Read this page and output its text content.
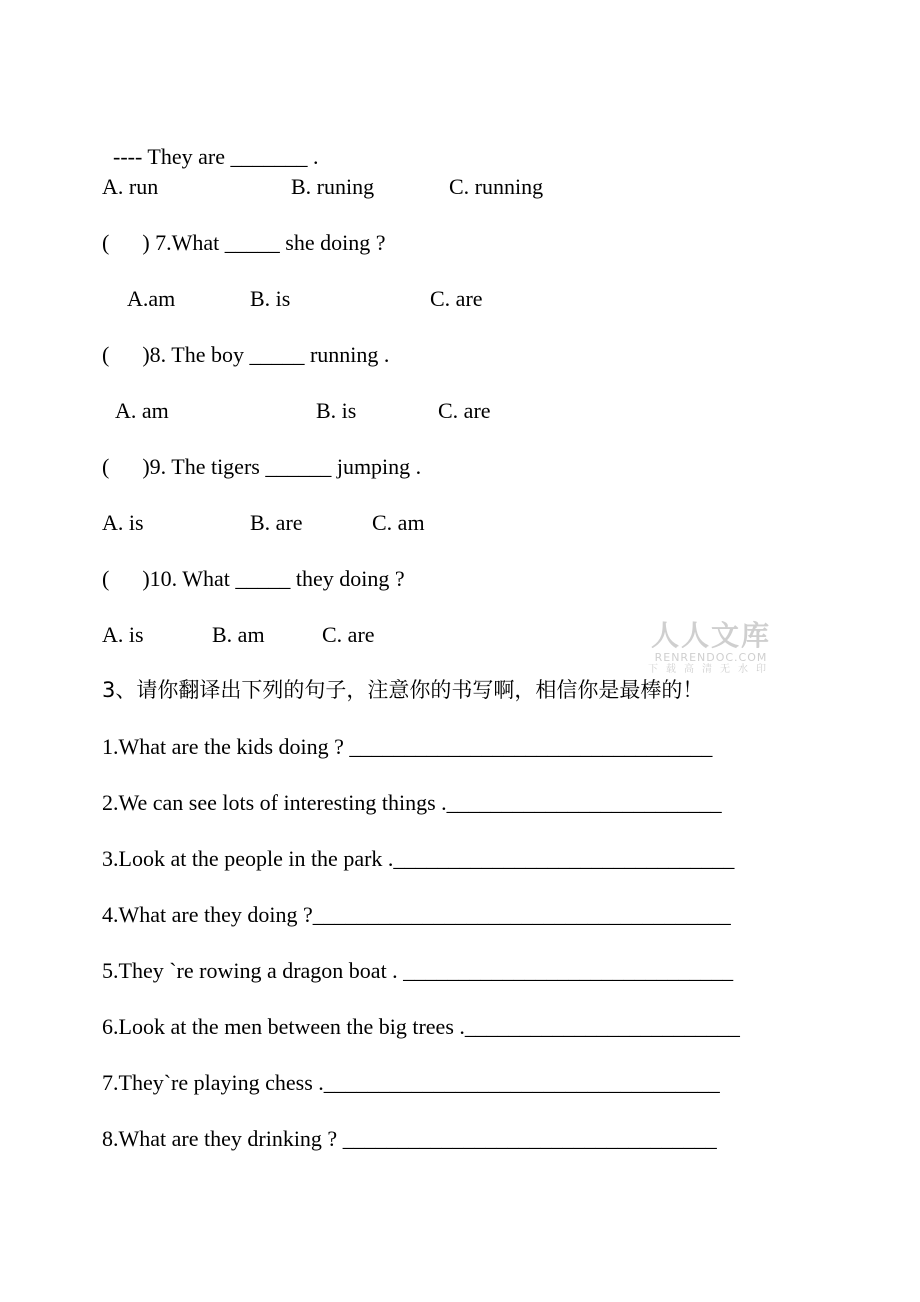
---- They are _______ .

A. run	B. runing	C. running
(      ) 7.What _____ she doing ?
A.am	B. is	C. are
(      )8. The boy _____ running .
A. am	B. is	C. are
(      )9. The tigers ______ jumping .
A. is	B. are	C. am
(      )10. What _____ they doing ?
A. is	B. am	C. are	人人文库
RENRENDOC.COM
下载高清无水印
3、请你翻译出下列的句子，注意你的书写啊，相信你是最棒的！
1.What are the kids doing ? _________________________________
2.We can see lots of interesting things ._________________________
3.Look at the people in the park ._______________________________
4.What are they doing ?______________________________________
5.They `re rowing a dragon boat . ______________________________
6.Look at the men between the big trees ._________________________
7.They`re playing chess .____________________________________
8.What are they drinking ? __________________________________
